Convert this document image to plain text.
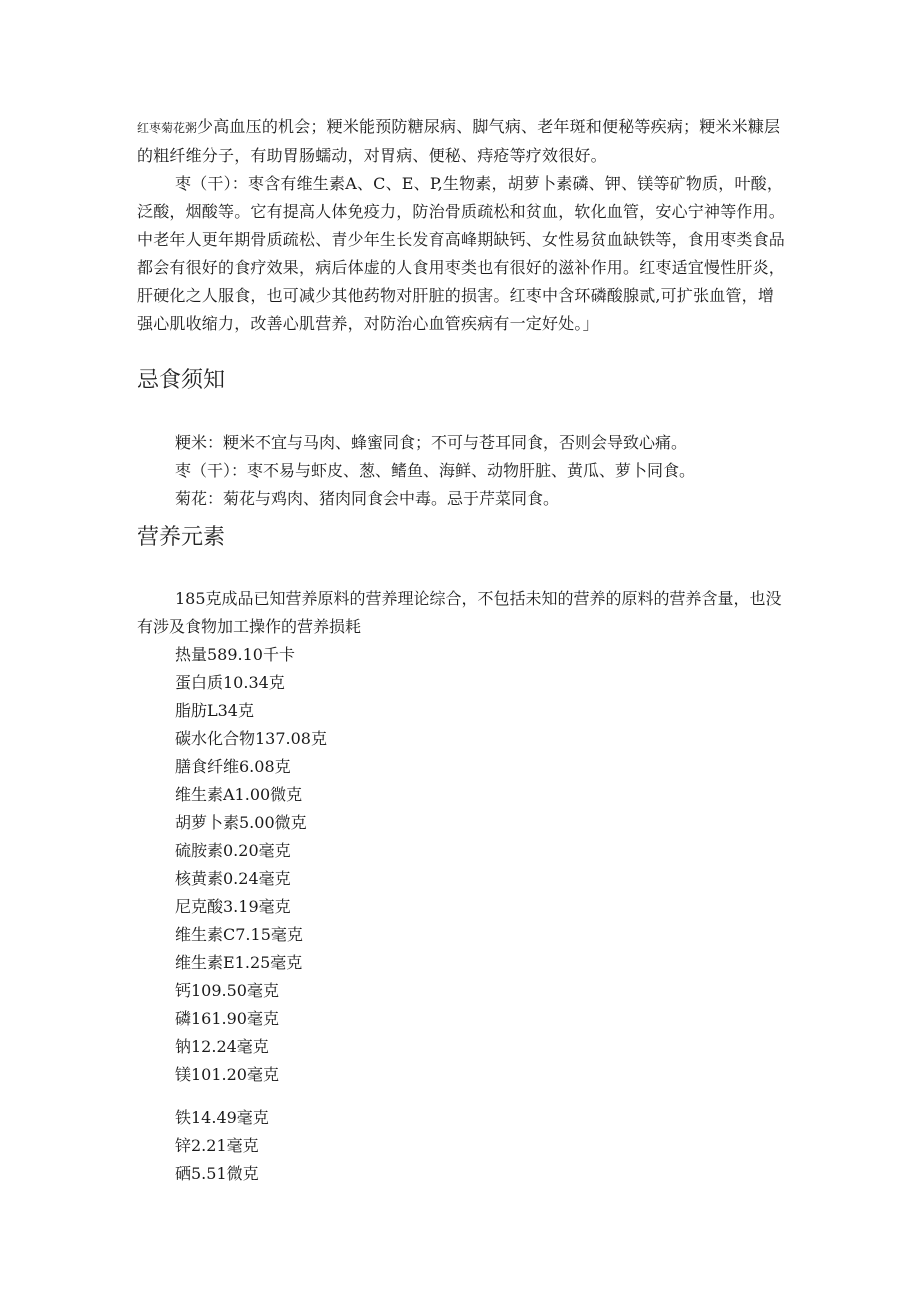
红枣菊花粥少高血压的机会；粳米能预防糖尿病、脚气病、老年斑和便秘等疾病；粳米米糠层的粗纤维分子，有助胃肠蠕动，对胃病、便秘、痔疮等疗效很好。

枣（干）：枣含有维生素A、C、E、P,生物素，胡萝卜素磷、钾、镁等矿物质，叶酸，泛酸，烟酸等。它有提高人体免疫力，防治骨质疏松和贫血，软化血管，安心宁神等作用。中老年人更年期骨质疏松、青少年生长发育高峰期缺钙、女性易贫血缺铁等，食用枣类食品都会有很好的食疗效果，病后体虚的人食用枣类也有很好的滋补作用。红枣适宜慢性肝炎，肝硬化之人服食，也可减少其他药物对肝脏的损害。红枣中含环磷酸腺贰,可扩张血管，增强心肌收缩力，改善心肌营养，对防治心血管疾病有一定好处。」

忌食须知

粳米：粳米不宜与马肉、蜂蜜同食；不可与苍耳同食，否则会导致心痛。

枣（干）：枣不易与虾皮、葱、鳍鱼、海鲜、动物肝脏、黄瓜、萝卜同食。

菊花：菊花与鸡肉、猪肉同食会中毒。忌于芹菜同食。

营养元素

185克成品已知营养原料的营养理论综合，不包括未知的营养的原料的营养含量，也没有涉及食物加工操作的营养损耗

热量589.10千卡
蛋白质10.34克
脂肪L34克
碳水化合物137.08克
膳食纤维6.08克
维生素A1.00微克
胡萝卜素5.00微克
硫胺素0.20毫克
核黄素0.24毫克
尼克酸3.19毫克
维生素C7.15毫克
维生素E1.25毫克
钙109.50毫克
磷161.90毫克
钠12.24毫克
镁101.20毫克
铁14.49毫克
锌2.21毫克
硒5.51微克
